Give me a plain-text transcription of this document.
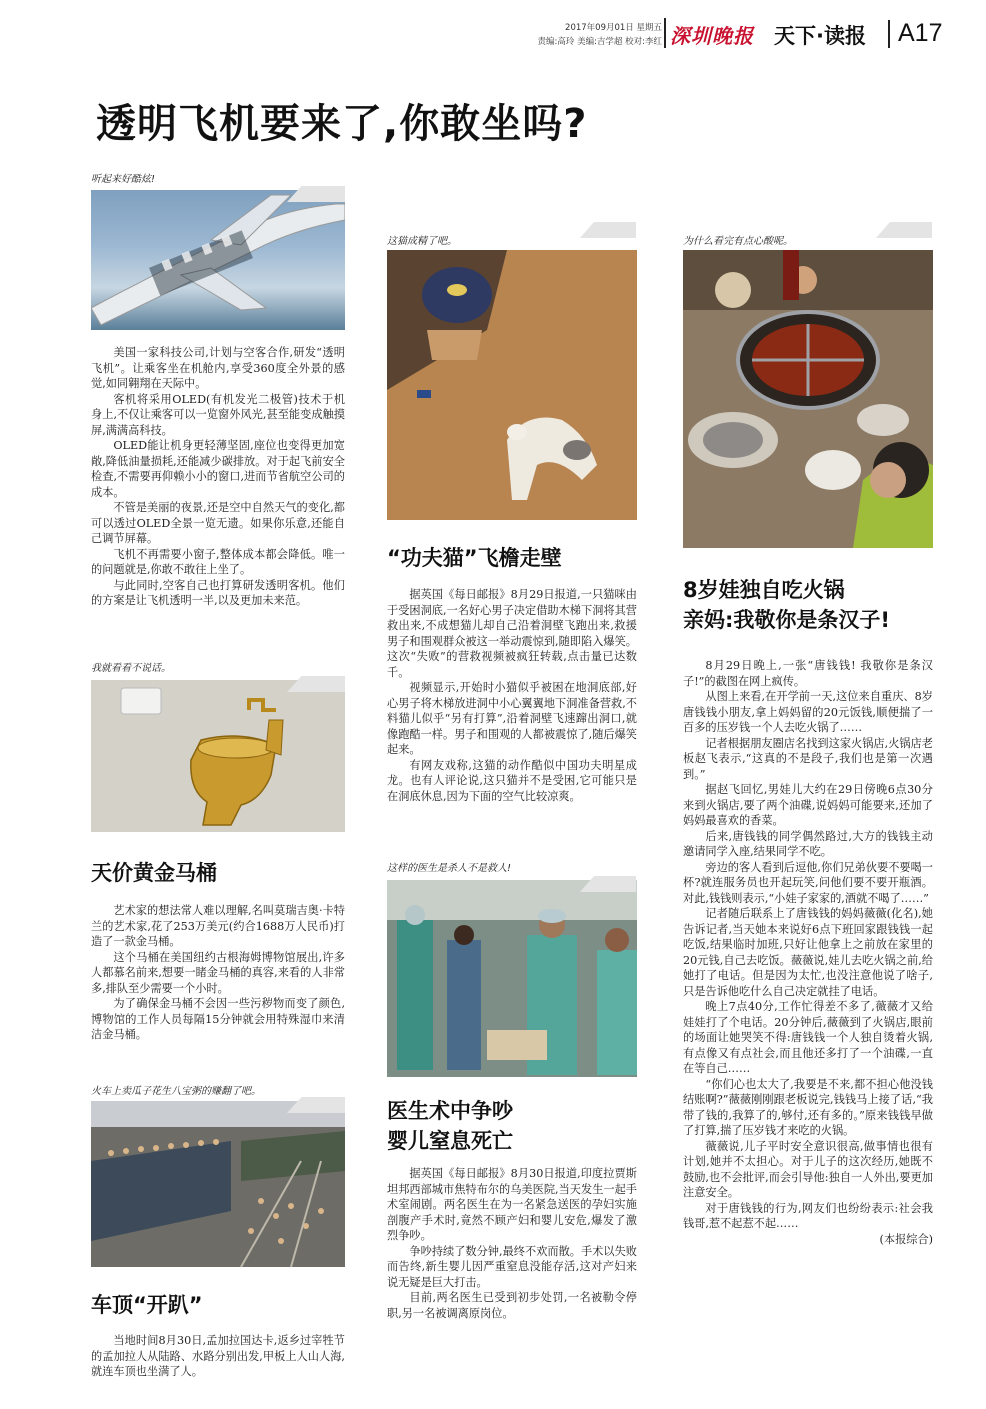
2017年09月01日 星期五
责编:高玲 美编:吉学超 校对:李红 深圳晚报 天下·读报 A17
透明飞机要来了,你敢坐吗?
听起来好酷炫!

美国一家科技公司,计划与空客合作,研发“透明飞机”。让乘客坐在机舱内,享受360度全外景的感觉,如同翱翔在天际中。

客机将采用OLED(有机发光二极管)技术于机身上,不仅让乘客可以一览窗外风光,甚至能变成触摸屏,满满高科技。

OLED能让机身更轻薄坚固,座位也变得更加宽敞,降低油量损耗,还能减少碳排放。对于起飞前安全检查,不需要再仰赖小小的窗口,进而节省航空公司的成本。

不管是美丽的夜景,还是空中自然天气的变化,都可以透过OLED全景一览无遗。如果你乐意,还能自己调节屏幕。

飞机不再需要小窗子,整体成本都会降低。唯一的问题就是,你敢不敢往上坐了。

与此同时,空客自己也打算研发透明客机。他们的方案是让飞机透明一半,以及更加未来范。

我就看看不说话。
天价黄金马桶

艺术家的想法常人难以理解,名叫莫瑞吉奥·卡特兰的艺术家,花了253万美元(约合1688万人民币)打造了一款金马桶。

这个马桶在美国纽约古根海姆博物馆展出,许多人都慕名前来,想要一睹金马桶的真容,来看的人非常多,排队至少需要一个小时。

为了确保金马桶不会因一些污秽物而变了颜色,博物馆的工作人员每隔15分钟就会用特殊湿巾来清洁金马桶。

火车上卖瓜子花生八宝粥的赚翻了吧。
车顶“开趴”

当地时间8月30日,孟加拉国达卡,返乡过宰牲节的孟加拉人从陆路、水路分别出发,甲板上人山人海,就连车顶也坐满了人。

这猫成精了吧。
“功夫猫”飞檐走壁

据英国《每日邮报》8月29日报道,一只猫咪由于受困洞底,一名好心男子决定借助木梯下洞将其营救出来,不成想猫儿却自己沿着洞壁飞跑出来,救援男子和围观群众被这一举动震惊到,随即陷入爆笑。这次“失败”的营救视频被疯狂转载,点击量已达数千。

视频显示,开始时小猫似乎被困在地洞底部,好心男子将木梯放进洞中小心翼翼地下洞准备营救,不料猫儿似乎“另有打算”,沿着洞壁飞速蹿出洞口,就像跑酷一样。男子和围观的人都被震惊了,随后爆笑起来。

有网友戏称,这猫的动作酷似中国功夫明星成龙。也有人评论说,这只猫并不是受困,它可能只是在洞底休息,因为下面的空气比较凉爽。

这样的医生是杀人不是救人!
医生术中争吵
婴儿窒息死亡

据英国《每日邮报》8月30日报道,印度拉贾斯坦邦西部城市焦特布尔的乌美医院,当天发生一起手术室闹剧。两名医生在为一名紧急送医的孕妇实施剖腹产手术时,竟然不顾产妇和婴儿安危,爆发了激烈争吵。

争吵持续了数分钟,最终不欢而散。手术以失败而告终,新生婴儿因严重窒息没能存活,这对产妇来说无疑是巨大打击。

目前,两名医生已受到初步处罚,一名被勒令停职,另一名被调离原岗位。

为什么看完有点心酸呢。
8岁娃独自吃火锅
亲妈:我敬你是条汉子!

8月29日晚上,一张“唐钱钱! 我敬你是条汉子!”的截图在网上疯传。

从图上来看,在开学前一天,这位来自重庆、8岁唐钱钱小朋友,拿上妈妈留的20元饭钱,顺便揣了一百多的压岁钱一个人去吃火锅了……

记者根据朋友圈店名找到这家火锅店,火锅店老板赵飞表示,“这真的不是段子,我们也是第一次遇到。”

据赵飞回忆,男娃儿大约在29日傍晚6点30分来到火锅店,要了两个油碟,说妈妈可能要来,还加了妈妈最喜欢的香菜。

后来,唐钱钱的同学偶然路过,大方的钱钱主动邀请同学入座,结果同学不吃。

旁边的客人看到后逗他,你们兄弟伙要不要喝一杯?就连服务员也开起玩笑,问他们要不要开瓶酒。对此,钱钱则表示,“小娃子家家的,酒就不喝了……”

记者随后联系上了唐钱钱的妈妈薇薇(化名),她告诉记者,当天她本来说好6点下班回家跟钱钱一起吃饭,结果临时加班,只好让他拿上之前放在家里的20元钱,自己去吃饭。薇薇说,娃儿去吃火锅之前,给她打了电话。但是因为太忙,也没注意他说了啥子,只是告诉他吃什么自己决定就挂了电话。

晚上7点40分,工作忙得差不多了,薇薇才又给娃娃打了个电话。20分钟后,薇薇到了火锅店,眼前的场面让她哭笑不得:唐钱钱一个人独自烫着火锅,有点像又有点社会,而且他还多打了一个油碟,一直在等自己……

“你们心也太大了,我要是不来,都不担心他没钱结账啊?”薇薇刚刚跟老板说完,钱钱马上接了话,“我带了钱的,我算了的,够付,还有多的。”原来钱钱早做了打算,揣了压岁钱才来吃的火锅。

薇薇说,儿子平时安全意识很高,做事情也很有计划,她并不太担心。对于儿子的这次经历,她既不鼓励,也不会批评,而会引导他:独自一人外出,要更加注意安全。

对于唐钱钱的行为,网友们也纷纷表示:社会我钱哥,惹不起惹不起……

(本报综合)
